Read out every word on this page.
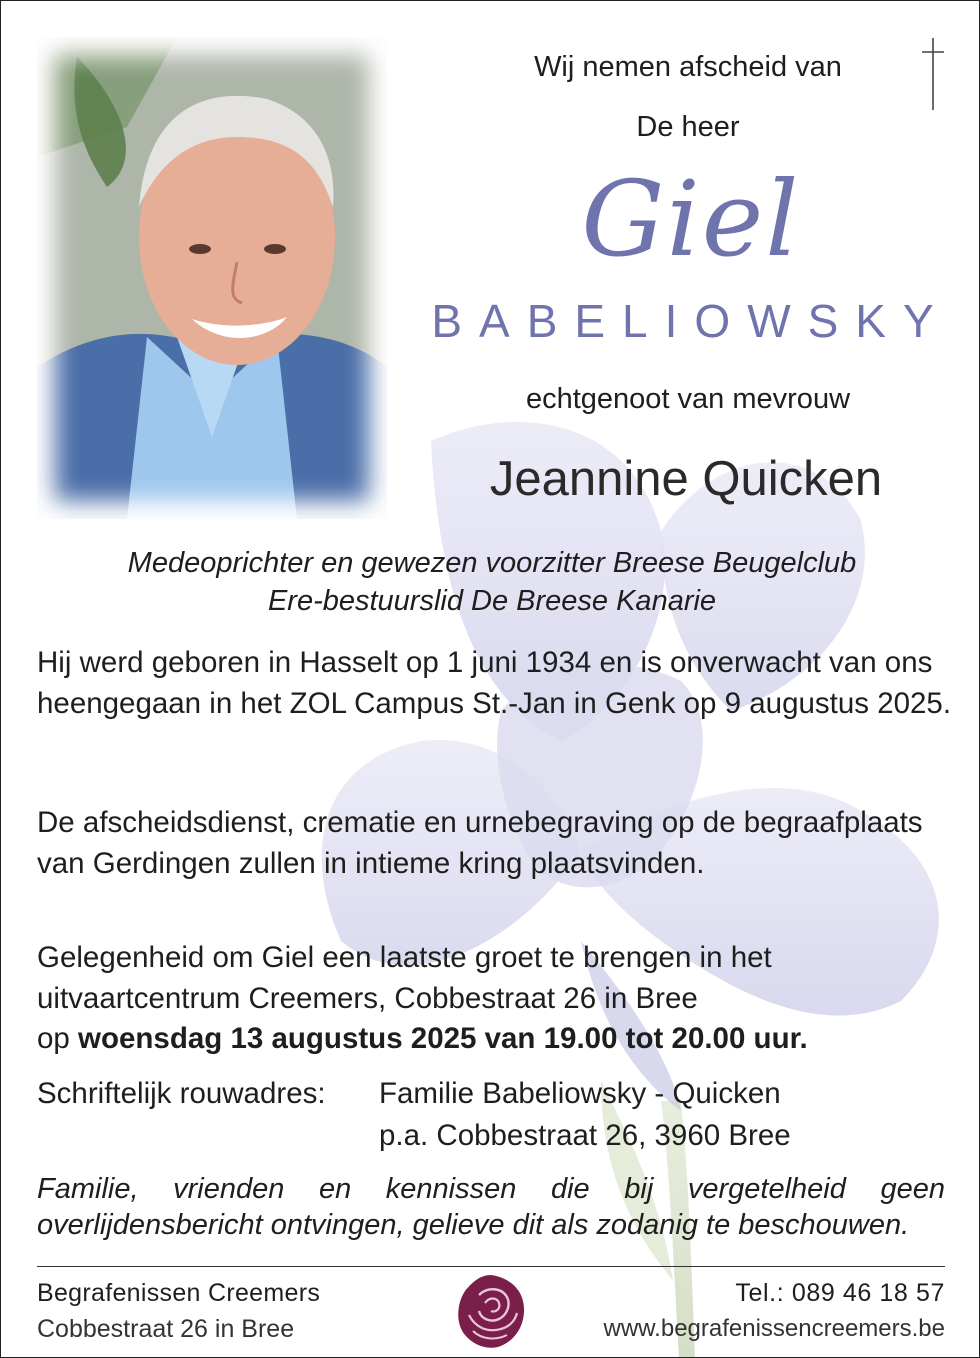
Wij nemen afscheid van
De heer
Giel
BABELIOWSKY
echtgenoot van mevrouw
Jeannine Quicken
Medeoprichter en gewezen voorzitter Breese Beugelclub
Ere-bestuurslid De Breese Kanarie
Hij werd geboren in Hasselt op 1 juni 1934 en is onverwacht van ons heengegaan in het ZOL Campus St.-Jan in Genk op 9 augustus 2025.
De afscheidsdienst, crematie en urnebegraving op de begraafplaats van Gerdingen zullen in intieme kring plaatsvinden.
Gelegenheid om Giel een laatste groet te brengen in het uitvaartcentrum Creemers, Cobbestraat 26 in Bree
op woensdag 13 augustus 2025 van 19.00 tot 20.00 uur.
Schriftelijk rouwadres: Familie Babeliowsky - Quicken
p.a. Cobbestraat 26, 3960 Bree
Familie, vrienden en kennissen die bij vergetelheid geen overlijdensbericht ontvingen, gelieve dit als zodanig te beschouwen.
Begrafenissen Creemers
Cobbestraat 26 in Bree
Tel.: 089 46 18 57
www.begrafenissencreemers.be
